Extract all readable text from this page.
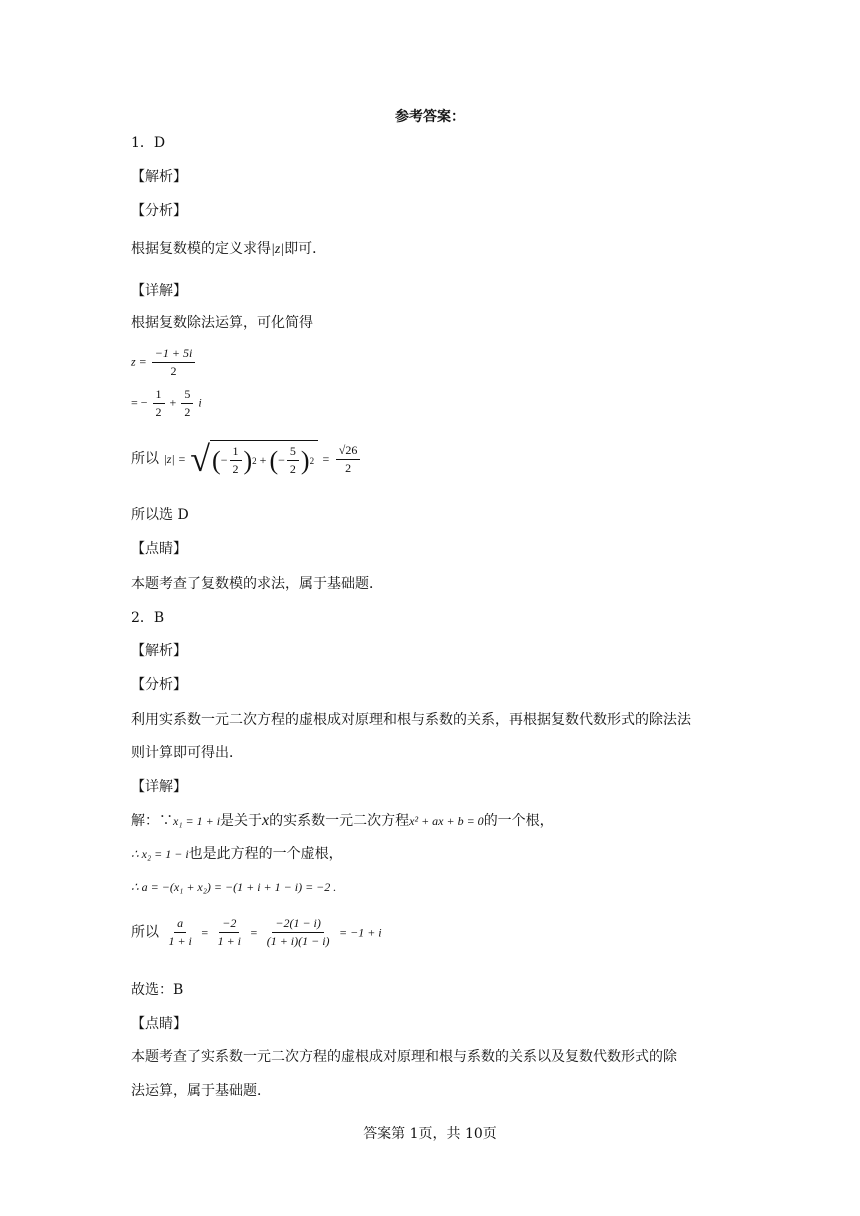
参考答案：
1．D
【解析】
【分析】
根据复数模的定义求得|z|即可．
【详解】
根据复数除法运算，可化简得
$z = \frac{-1 + 5i}{2}$
= − $\frac{1}{2} + \frac{5}{2}$ i
所以 |z| = √ ( − $\frac{1}{2}$ ) 2 + ( − $\frac{5}{2}$ ) $2 = \frac{√26}{2}$
所以选 D
【点睛】
本题考查了复数模的求法，属于基础题．
2．B
【解析】
【分析】
利用实系数一元二次方程的虚根成对原理和根与系数的关系，再根据复数代数形式的除法法
则计算即可得出．
【详解】
解：∵x₁ = 1 + i是关于x的实系数一元二次方程x² + ax + b = 0的一个根，
∴ x₂ = 1 − i也是此方程的一个虚根，
∴ a = −(x₁ + x₂) = −(1 + i + 1 − i) = −2 .
所以 $\frac{a}{1 + i} = \frac{-2}{1 + i} = \frac{-2(1 - i)}{(1 + i)(1 - i)} = -1 + i$
故选：B
【点睛】
本题考查了实系数一元二次方程的虚根成对原理和根与系数的关系以及复数代数形式的除
法运算，属于基础题．
答案第 1页，共 10页
